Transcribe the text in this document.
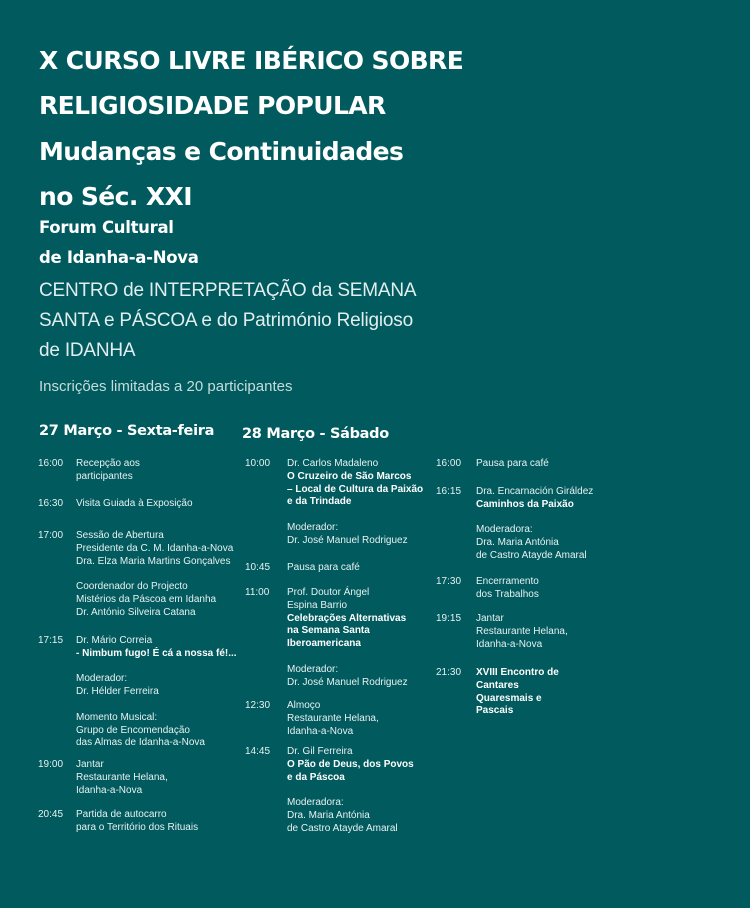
X CURSO LIVRE IBÉRICO SOBRE
RELIGIOSIDADE POPULAR
Mudanças e Continuidades
no Séc. XXI
Forum Cultural
de Idanha-a-Nova
CENTRO de INTERPRETAÇÃO da SEMANA
SANTA e PÁSCOA e do Património Religioso
de IDANHA
Inscrições limitadas a 20 participantes
27 Março - Sexta-feira 28 Março - Sábado
16:00	Recepção aos
participantes
16:30	Visita Guiada à Exposição
17:00	Sessão de Abertura
Presidente da C. M. Idanha-a-Nova
Dra. Elza Maria Martins Gonçalves
Coordenador do Projecto
Mistérios da Páscoa em Idanha
Dr. António Silveira Catana
17:15	Dr. Mário Correia
- Nimbum fugo! É cá a nossa fé!...
Moderador:
Dr. Hélder Ferreira
Momento Musical:
Grupo de Encomendação
das Almas de Idanha-a-Nova
19:00	Jantar
Restaurante Helana,
Idanha-a-Nova
20:45	Partida de autocarro
para o Território dos Rituais
10:00	Dr. Carlos Madaleno
O Cruzeiro de São Marcos
– Local de Cultura da Paixão
e da Trindade
Moderador:
Dr. José Manuel Rodriguez
10:45	Pausa para café
11:00	Prof. Doutor Ángel
Espina Barrio
Celebrações Alternativas
na Semana Santa
Iberoamericana
Moderador:
Dr. José Manuel Rodriguez
12:30	Almoço
Restaurante Helana,
Idanha-a-Nova
14:45	Dr. Gil Ferreira
O Pão de Deus, dos Povos
e da Páscoa
Moderadora:
Dra. Maria Antónia
de Castro Atayde Amaral
16:00	Pausa para café
16:15	Dra. Encarnación Giráldez
Caminhos da Paixão
Moderadora:
Dra. Maria Antónia
de Castro Atayde Amaral
17:30	Encerramento
dos Trabalhos
19:15	Jantar
Restaurante Helana,
Idanha-a-Nova
21:30	XVIII Encontro de
Cantares
Quaresmais e
Pascais
